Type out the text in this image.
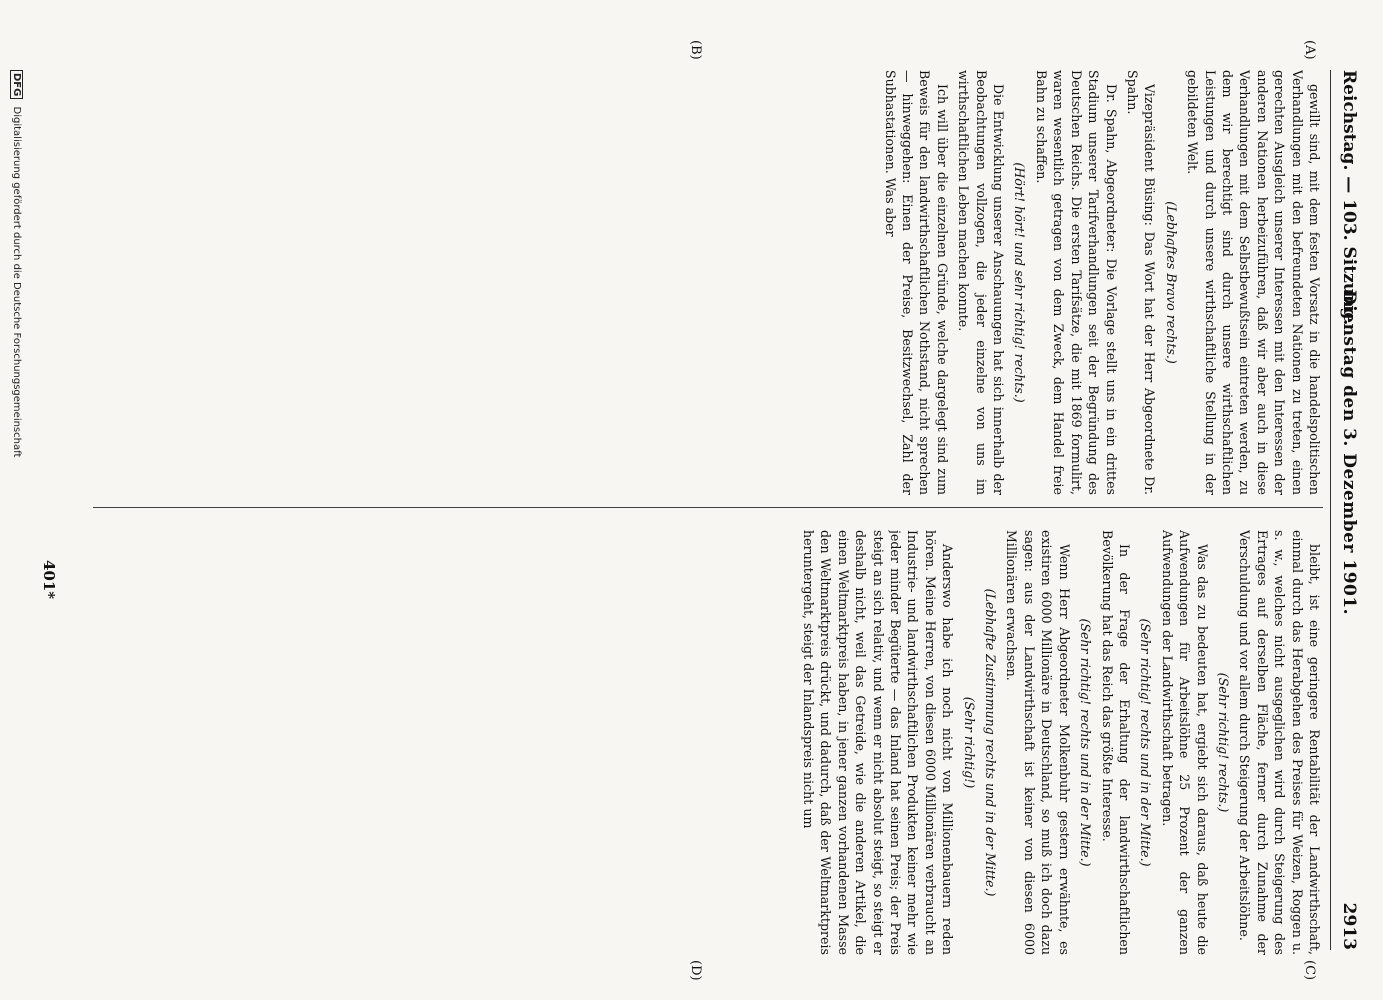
Reichstag. — 103. Sitzung.
Dienstag den 3. Dezember 1901.
2913
(A)
(B)
(C)
(D)

gewillt sind, mit dem festen Vorsatz in die handelspolitischen Verhandlungen mit den befreundeten Nationen zu treten, einen gerechten Ausgleich unserer Interessen mit den Interessen der anderen Nationen herbeizuführen, daß wir aber auch in diese Verhandlungen mit dem Selbstbewußtsein eintreten werden, zu dem wir berechtigt sind durch unsere wirthschaftlichen Leistungen und durch unsere wirthschaftliche Stellung in der gebildeten Welt.

(Lebhaftes Bravo rechts.)

Vizepräsident Büsing: Das Wort hat der Herr Abgeordnete Dr. Spahn.

Dr. Spahn, Abgeordneter: Die Vorlage stellt uns in ein drittes Stadium unserer Tarifverhandlungen seit der Begründung des Deutschen Reichs. Die ersten Tarifsätze, die mit 1869 formulirt, waren wesentlich getragen von dem Zweck, dem Handel freie Bahn zu schaffen.

(Hört! hört! und sehr richtig! rechts.)

Die Entwicklung unserer Anschauungen hat sich innerhalb der Beobachtungen vollzogen, die jeder einzelne von uns im wirthschaftlichen Leben machen konnte.

Ich will über die einzelnen Gründe, welche dargelegt sind zum Beweis für den landwirthschaftlichen Nothstand, nicht sprechen — hinweggehen: Einen der Preise, Besitzwechsel, Zahl der Subhastationen. Was aber

bleibt, ist eine geringere Rentabilität der Landwirthschaft, einmal durch das Herabgehen des Preises für Weizen, Roggen u. s. w., welches nicht ausgeglichen wird durch Steigerung des Ertrages auf derselben Fläche, ferner durch Zunahme der Verschuldung und vor allem durch Steigerung der Arbeitslöhne.

(Sehr richtig! rechts.)

Was das zu bedeuten hat, ergiebt sich daraus, daß heute die Aufwendungen für Arbeitslöhne 25 Prozent der ganzen Aufwendungen der Landwirthschaft betragen.

(Sehr richtig! rechts und in der Mitte.)

In der Frage der Erhaltung der landwirthschaftlichen Bevölkerung hat das Reich das größte Interesse.

(Sehr richtig! rechts und in der Mitte.)

Wenn Herr Abgeordneter Molkenbuhr gestern erwähnte, es existiren 6000 Millionäre in Deutschland, so muß ich doch dazu sagen: aus der Landwirthschaft ist keiner von diesen 6000 Millionären erwachsen.

(Lebhafte Zustimmung rechts und in der Mitte.)

(Sehr richtig!)

Anderswo habe ich noch nicht von Millionenbauern reden hören. Meine Herren, von diesen 6000 Millionären verbraucht an Industrie- und landwirthschaftlichen Produkten keiner mehr wie jeder minder Begüterte — das Inland hat seinen Preis; der Preis steigt an sich relativ, und wenn er nicht absolut steigt, so steigt er deshalb nicht, weil das Getreide, wie die anderen Artikel, die einen Weltmarktpreis haben, in jener ganzen vorhandenen Masse den Weltmarktpreis drückt, und dadurch, daß der Weltmarktpreis heruntergeht, steigt der Inlandspreis nicht um

401*
DFG Digitalisierung gefördert durch die Deutsche Forschungsgemeinschaft
